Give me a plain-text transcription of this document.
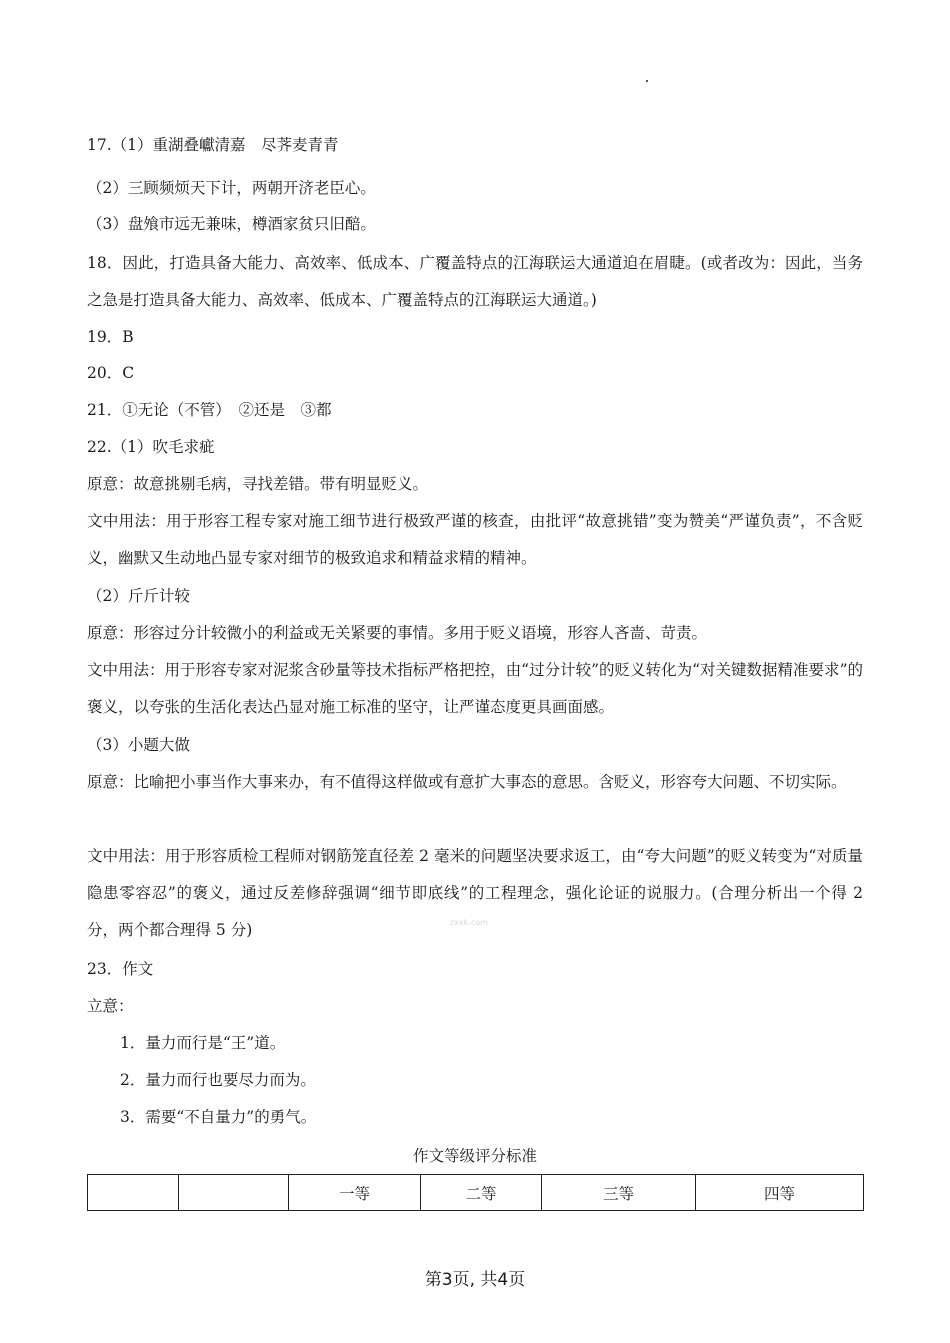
17.（1）重湖叠巘清嘉　尽荠麦青青
（2）三顾频烦天下计，两朝开济老臣心。
（3）盘飧市远无兼味，樽酒家贫只旧醅。
18．因此，打造具备大能力、高效率、低成本、广覆盖特点的江海联运大通道迫在眉睫。(或者改为：因此，当务之急是打造具备大能力、高效率、低成本、广覆盖特点的江海联运大通道。)
19．B
20．C
21．①无论（不管）　②还是　③都
22.（1）吹毛求疵
原意：故意挑剔毛病，寻找差错。带有明显贬义。
文中用法：用于形容工程专家对施工细节进行极致严谨的核查，由批评“故意挑错”变为赞美“严谨负责”，不含贬义，幽默又生动地凸显专家对细节的极致追求和精益求精的精神。
（2）斤斤计较
原意：形容过分计较微小的利益或无关紧要的事情。多用于贬义语境，形容人吝啬、苛责。
文中用法：用于形容专家对泥浆含砂量等技术指标严格把控，由“过分计较”的贬义转化为“对关键数据精准要求”的褒义，以夸张的生活化表达凸显对施工标准的坚守，让严谨态度更具画面感。
（3）小题大做
原意：比喻把小事当作大事来办，有不值得这样做或有意扩大事态的意思。含贬义，形容夸大问题、不切实际。
文中用法：用于形容质检工程师对钢筋笼直径差 2 毫米的问题坚决要求返工，由“夸大问题”的贬义转变为“对质量隐患零容忍”的褒义，通过反差修辞强调“细节即底线”的工程理念，强化论证的说服力。(合理分析出一个得 2 分，两个都合理得 5 分)
23．作文
立意：
1．量力而行是“王”道。
2．量力而行也要尽力而为。
3．需要“不自量力”的勇气。
作文等级评分标准
		一等	二等	三等	四等
zxxk.com
第3页, 共4页
